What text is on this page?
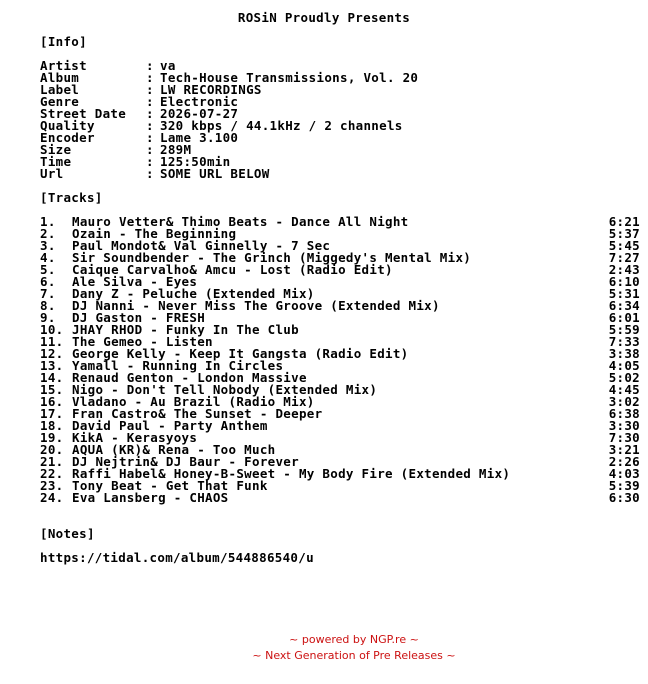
ROSiN Proudly Presents
[Info]
Artist	: va
Album	: Tech-House Transmissions, Vol. 20
Label	: LW RECORDINGS
Genre	: Electronic
Street Date	: 2026-07-27
Quality	: 320 kbps / 44.1kHz / 2 channels
Encoder	: Lame 3.100
Size	: 289M
Time	: 125:50min
Url	: SOME URL BELOW
[Tracks]
1.	Mauro Vetter& Thimo Beats - Dance All Night	6:21
2.	Ozain - The Beginning	5:37
3.	Paul Mondot& Val Ginnelly - 7 Sec	5:45
4.	Sir Soundbender - The Grinch (Miggedy's Mental Mix)	7:27
5.	Caique Carvalho& Amcu - Lost (Radio Edit)	2:43
6.	Ale Silva - Eyes	6:10
7.	Dany Z - Peluche (Extended Mix)	5:31
8.	DJ Nanni - Never Miss The Groove (Extended Mix)	6:34
9.	DJ Gaston - FRESH	6:01
10. JHAY RHOD - Funky In The Club	5:59
11. The Gemeo - Listen	7:33
12. George Kelly - Keep It Gangsta (Radio Edit)	3:38
13. Yamall - Running In Circles	4:05
14. Renaud Genton - London Massive	5:02
15. Nigo - Don't Tell Nobody (Extended Mix)	4:45
16. Vladano - Au Brazil (Radio Mix)	3:02
17. Fran Castro& The Sunset - Deeper	6:38
18. David Paul - Party Anthem	3:30
19. KikA - Kerasyoys	7:30
20. AQUA (KR)& Rena - Too Much	3:21
21. DJ Nejtrin& DJ Baur - Forever	2:26
22. Raffi Habel& Honey-B-Sweet - My Body Fire (Extended Mix)	4:03
23. Tony Beat - Get That Funk	5:39
24. Eva Lansberg - CHAOS	6:30
[Notes]
https://tidal.com/album/544886540/u
~ powered by NGP.re ~
~ Next Generation of Pre Releases ~
